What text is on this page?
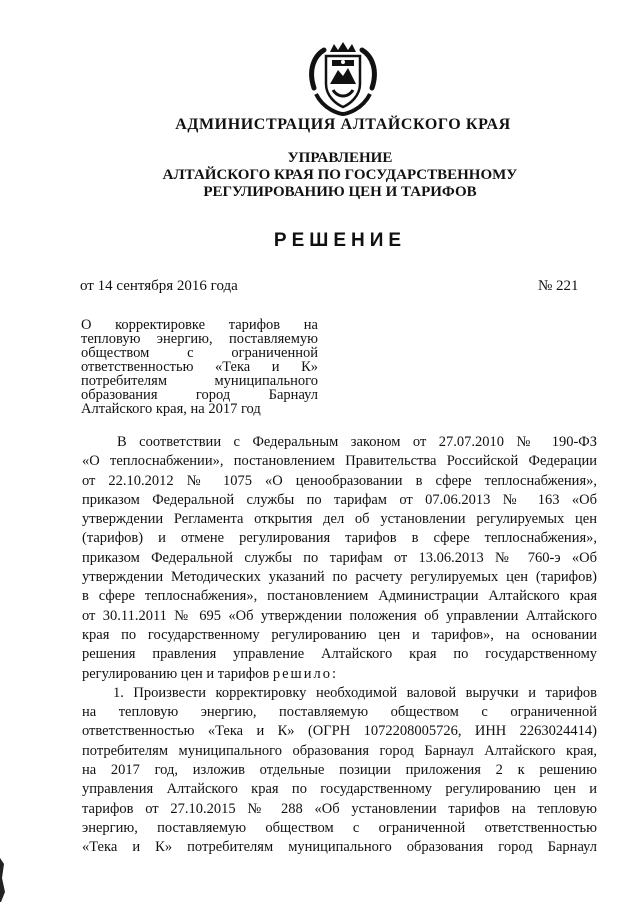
АДМИНИСТРАЦИЯ АЛТАЙСКОГО КРАЯ
УПРАВЛЕНИЕ
АЛТАЙСКОГО КРАЯ ПО ГОСУДАРСТВЕННОМУ
РЕГУЛИРОВАНИЮ ЦЕН И ТАРИФОВ
РЕШЕНИЕ
от 14 сентября 2016 года	№ 221
О корректировке тарифов на
тепловую энергию, поставляемую
обществом с ограниченной
ответственностью «Тека и К»
потребителям муниципального
образования город Барнаул
Алтайского края, на 2017 год
В соответствии с Федеральным законом от 27.07.2010 № 190-ФЗ
«О теплоснабжении», постановлением Правительства Российской Федерации
от 22.10.2012 № 1075 «О ценообразовании в сфере теплоснабжения»,
приказом Федеральной службы по тарифам от 07.06.2013 № 163 «Об
утверждении Регламента открытия дел об установлении регулируемых цен
(тарифов) и отмене регулирования тарифов в сфере теплоснабжения»,
приказом Федеральной службы по тарифам от 13.06.2013 № 760-э «Об
утверждении Методических указаний по расчету регулируемых цен (тарифов)
в сфере теплоснабжения», постановлением Администрации Алтайского края
от 30.11.2011 № 695 «Об утверждении положения об управлении Алтайского
края по государственному регулированию цен и тарифов», на основании
решения правления управление Алтайского края по государственному
регулированию цен и тарифов решило:
1. Произвести корректировку необходимой валовой выручки и тарифов
на тепловую энергию, поставляемую обществом с ограниченной
ответственностью «Тека и К» (ОГРН 1072208005726, ИНН 2263024414)
потребителям муниципального образования город Барнаул Алтайского края,
на 2017 год, изложив отдельные позиции приложения 2 к решению
управления Алтайского края по государственному регулированию цен и
тарифов от 27.10.2015 № 288 «Об установлении тарифов на тепловую
энергию, поставляемую обществом с ограниченной ответственностью
«Тека и К» потребителям муниципального образования город Барнаул
